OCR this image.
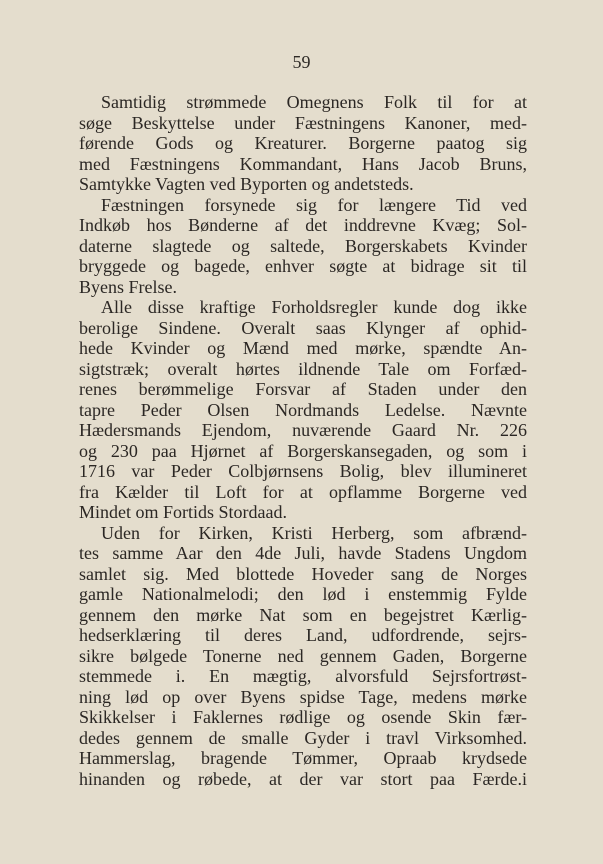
59
Samtidig strømmede Omegnens Folk til for at
søge Beskyttelse under Fæstningens Kanoner, med-
førende Gods og Kreaturer. Borgerne paatog sig
med Fæstningens Kommandant, Hans Jacob Bruns,
Samtykke Vagten ved Byporten og andetsteds.
Fæstningen forsynede sig for længere Tid ved
Indkøb hos Bønderne af det inddrevne Kvæg; Sol-
daterne slagtede og saltede, Borgerskabets Kvinder
bryggede og bagede, enhver søgte at bidrage sit til
Byens Frelse.
Alle disse kraftige Forholdsregler kunde dog ikke
berolige Sindene. Overalt saas Klynger af ophid-
hede Kvinder og Mænd med mørke, spændte An-
sigtstræk; overalt hørtes ildnende Tale om Forfæd-
renes berømmelige Forsvar af Staden under den
tapre Peder Olsen Nordmands Ledelse. Nævnte
Hædersmands Ejendom, nuværende Gaard Nr. 226
og 230 paa Hjørnet af Borgerskansegaden, og som i
1716 var Peder Colbjørnsens Bolig, blev illumineret
fra Kælder til Loft for at opflamme Borgerne ved
Mindet om Fortids Stordaad.
Uden for Kirken, Kristi Herberg, som afbrænd-
tes samme Aar den 4de Juli, havde Stadens Ungdom
samlet sig. Med blottede Hoveder sang de Norges
gamle Nationalmelodi; den lød i enstemmig Fylde
gennem den mørke Nat som en begejstret Kærlig-
hedserklæring til deres Land, udfordrende, sejrs-
sikre bølgede Tonerne ned gennem Gaden, Borgerne
stemmede i. En mægtig, alvorsfuld Sejrsfortrøst-
ning lød op over Byens spidse Tage, medens mørke
Skikkelser i Faklernes rødlige og osende Skin fær-
dedes gennem de smalle Gyder i travl Virksomhed.
Hammerslag, bragende Tømmer, Opraab krydsede
hinanden og røbede, at der var stort paa Færde.i
